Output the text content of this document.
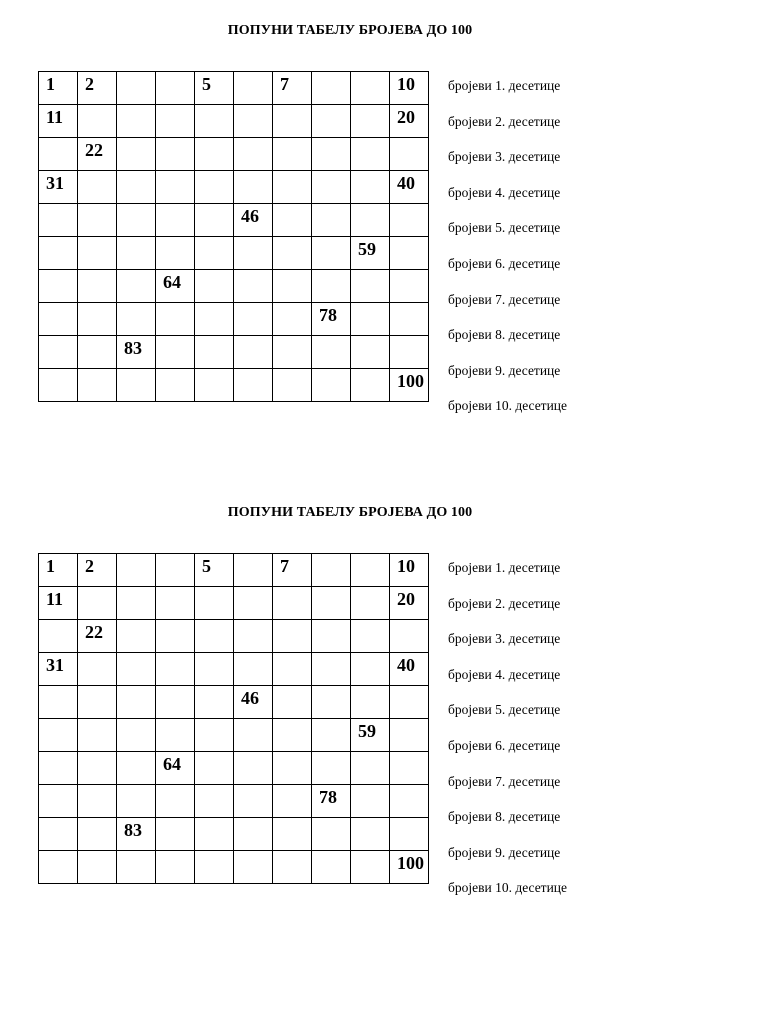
ПОПУНИ ТАБЕЛУ БРОЈЕВА ДО 100
1	2			5		7			10

11									20

	22								

31									40

					46				

								59	

			64						

							78		

		83							

									100
бројеви 1. десетице
бројеви 2. десетице
бројеви 3. десетице
бројеви 4. десетице
бројеви 5. десетице
бројеви 6. десетице
бројеви 7. десетице
бројеви 8. десетице
бројеви 9. десетице
бројеви 10. десетице
ПОПУНИ ТАБЕЛУ БРОЈЕВА ДО 100
1	2			5		7			10

11									20

	22								

31									40

					46				

								59	

			64						

							78		

		83							

									100
бројеви 1. десетице
бројеви 2. десетице
бројеви 3. десетице
бројеви 4. десетице
бројеви 5. десетице
бројеви 6. десетице
бројеви 7. десетице
бројеви 8. десетице
бројеви 9. десетице
бројеви 10. десетице
